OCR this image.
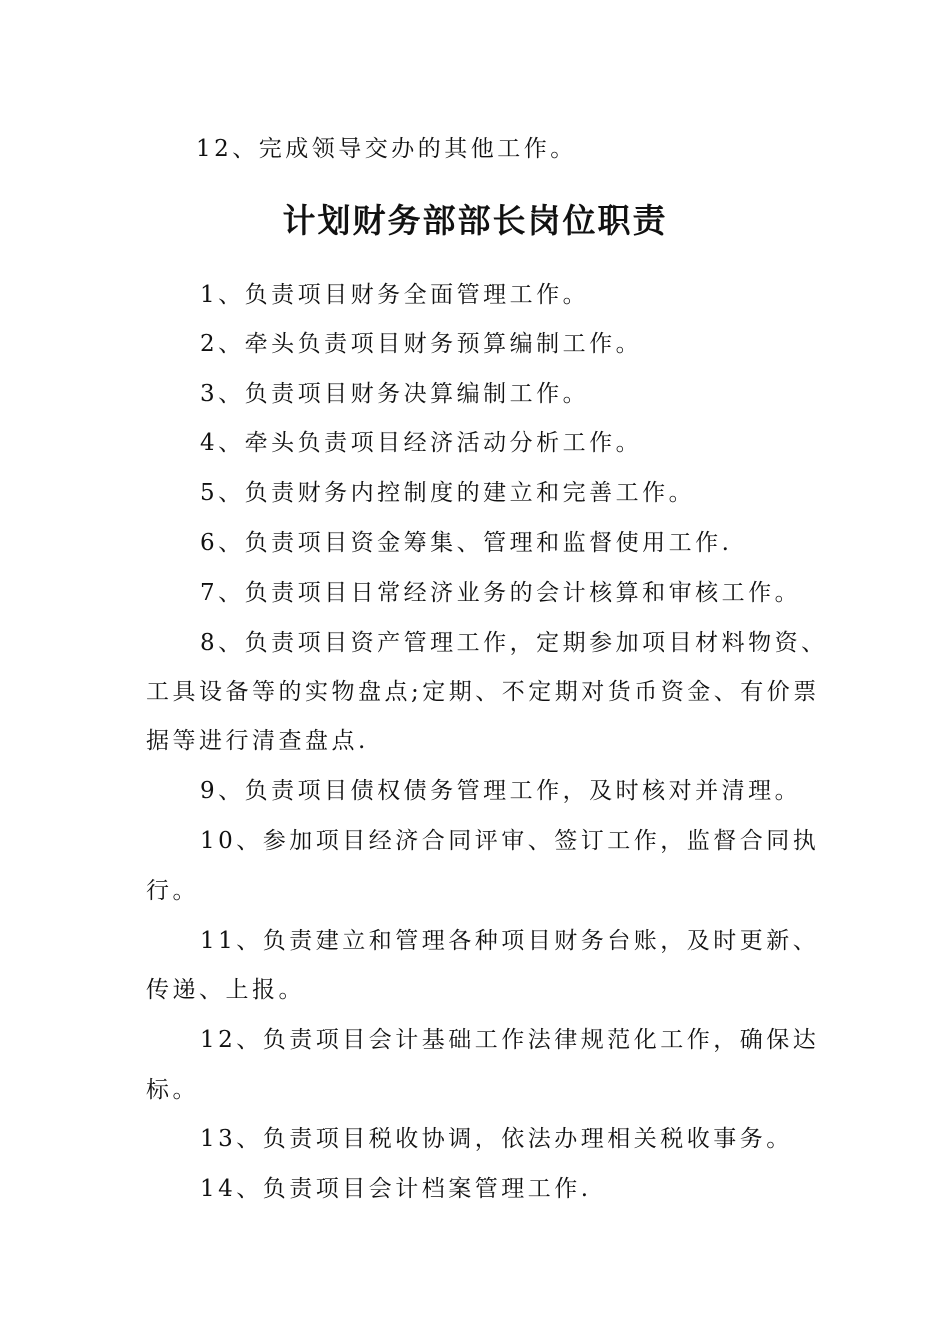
12、完成领导交办的其他工作。
计划财务部部长岗位职责
1、负责项目财务全面管理工作。
2、牵头负责项目财务预算编制工作。
3、负责项目财务决算编制工作。
4、牵头负责项目经济活动分析工作。
5、负责财务内控制度的建立和完善工作。
6、负责项目资金筹集、管理和监督使用工作.
7、负责项目日常经济业务的会计核算和审核工作。
8、负责项目资产管理工作，定期参加项目材料物资、
工具设备等的实物盘点;定期、不定期对货币资金、有价票
据等进行清查盘点.
9、负责项目债权债务管理工作，及时核对并清理。
10、参加项目经济合同评审、签订工作，监督合同执
行。
11、负责建立和管理各种项目财务台账，及时更新、
传递、上报。
12、负责项目会计基础工作法律规范化工作，确保达
标。
13、负责项目税收协调，依法办理相关税收事务。
14、负责项目会计档案管理工作.
